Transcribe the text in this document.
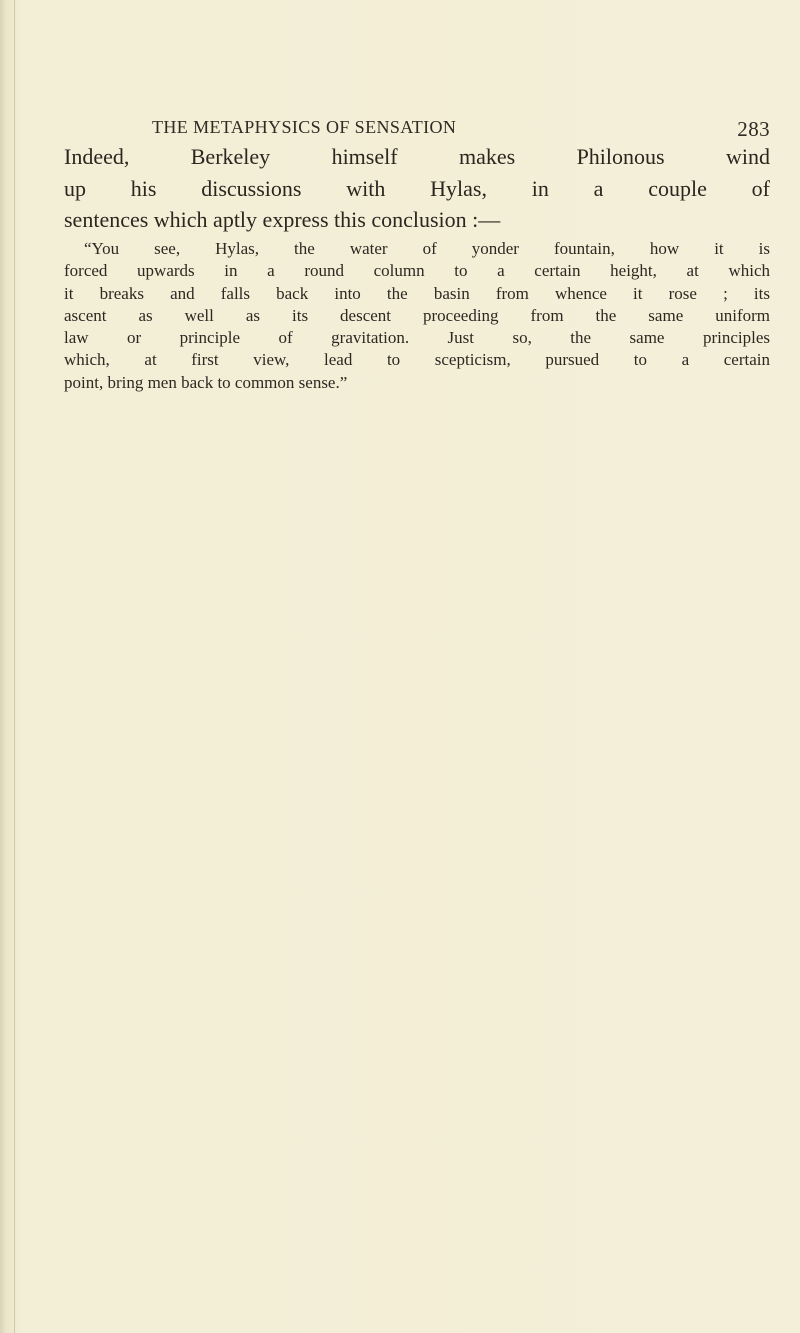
THE METAPHYSICS OF SENSATION	283

Indeed, Berkeley himself makes Philonous wind
up his discussions with Hylas, in a couple of
sentences which aptly express this conclusion :—

“You see, Hylas, the water of yonder fountain, how it is
forced upwards in a round column to a certain height, at which
it breaks and falls back into the basin from whence it rose ; its
ascent as well as its descent proceeding from the same uniform
law or principle of gravitation. Just so, the same principles
which, at first view, lead to scepticism, pursued to a certain
point, bring men back to common sense.”
